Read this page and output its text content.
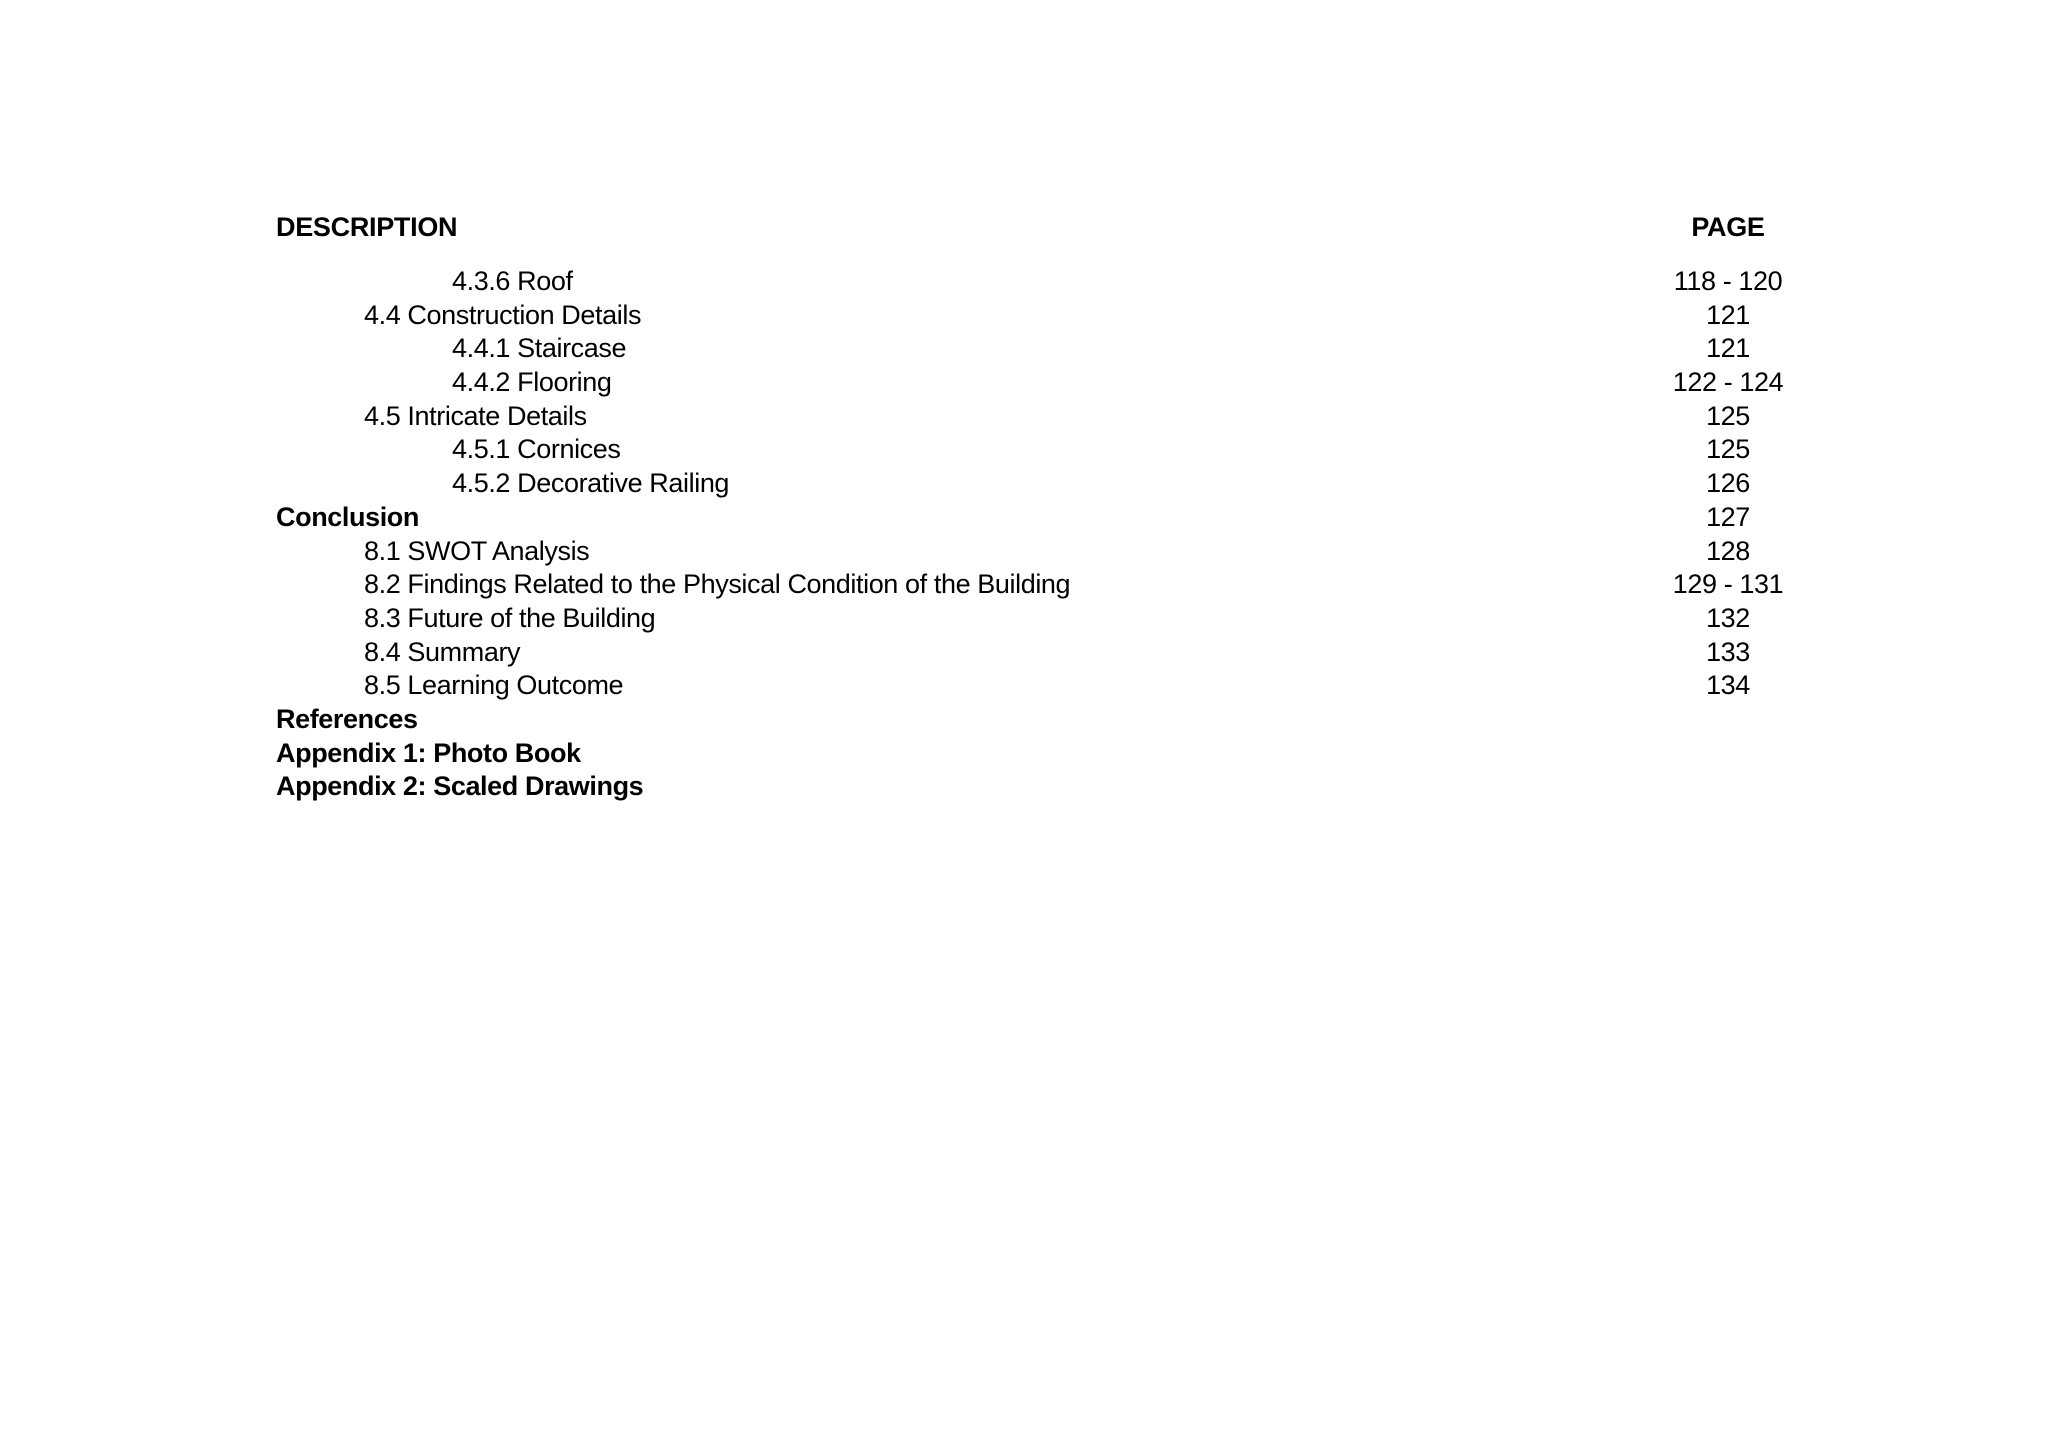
DESCRIPTION	PAGE
4.3.6 Roof	118 - 120
4.4 Construction Details	121
4.4.1 Staircase	121
4.4.2 Flooring	122 - 124
4.5 Intricate Details	125
4.5.1 Cornices	125
4.5.2 Decorative Railing	126
Conclusion	127
8.1 SWOT Analysis	128
8.2 Findings Related to the Physical Condition of the Building	129 - 131
8.3 Future of the Building	132
8.4 Summary	133
8.5 Learning Outcome	134
References
Appendix 1: Photo Book
Appendix 2: Scaled Drawings
